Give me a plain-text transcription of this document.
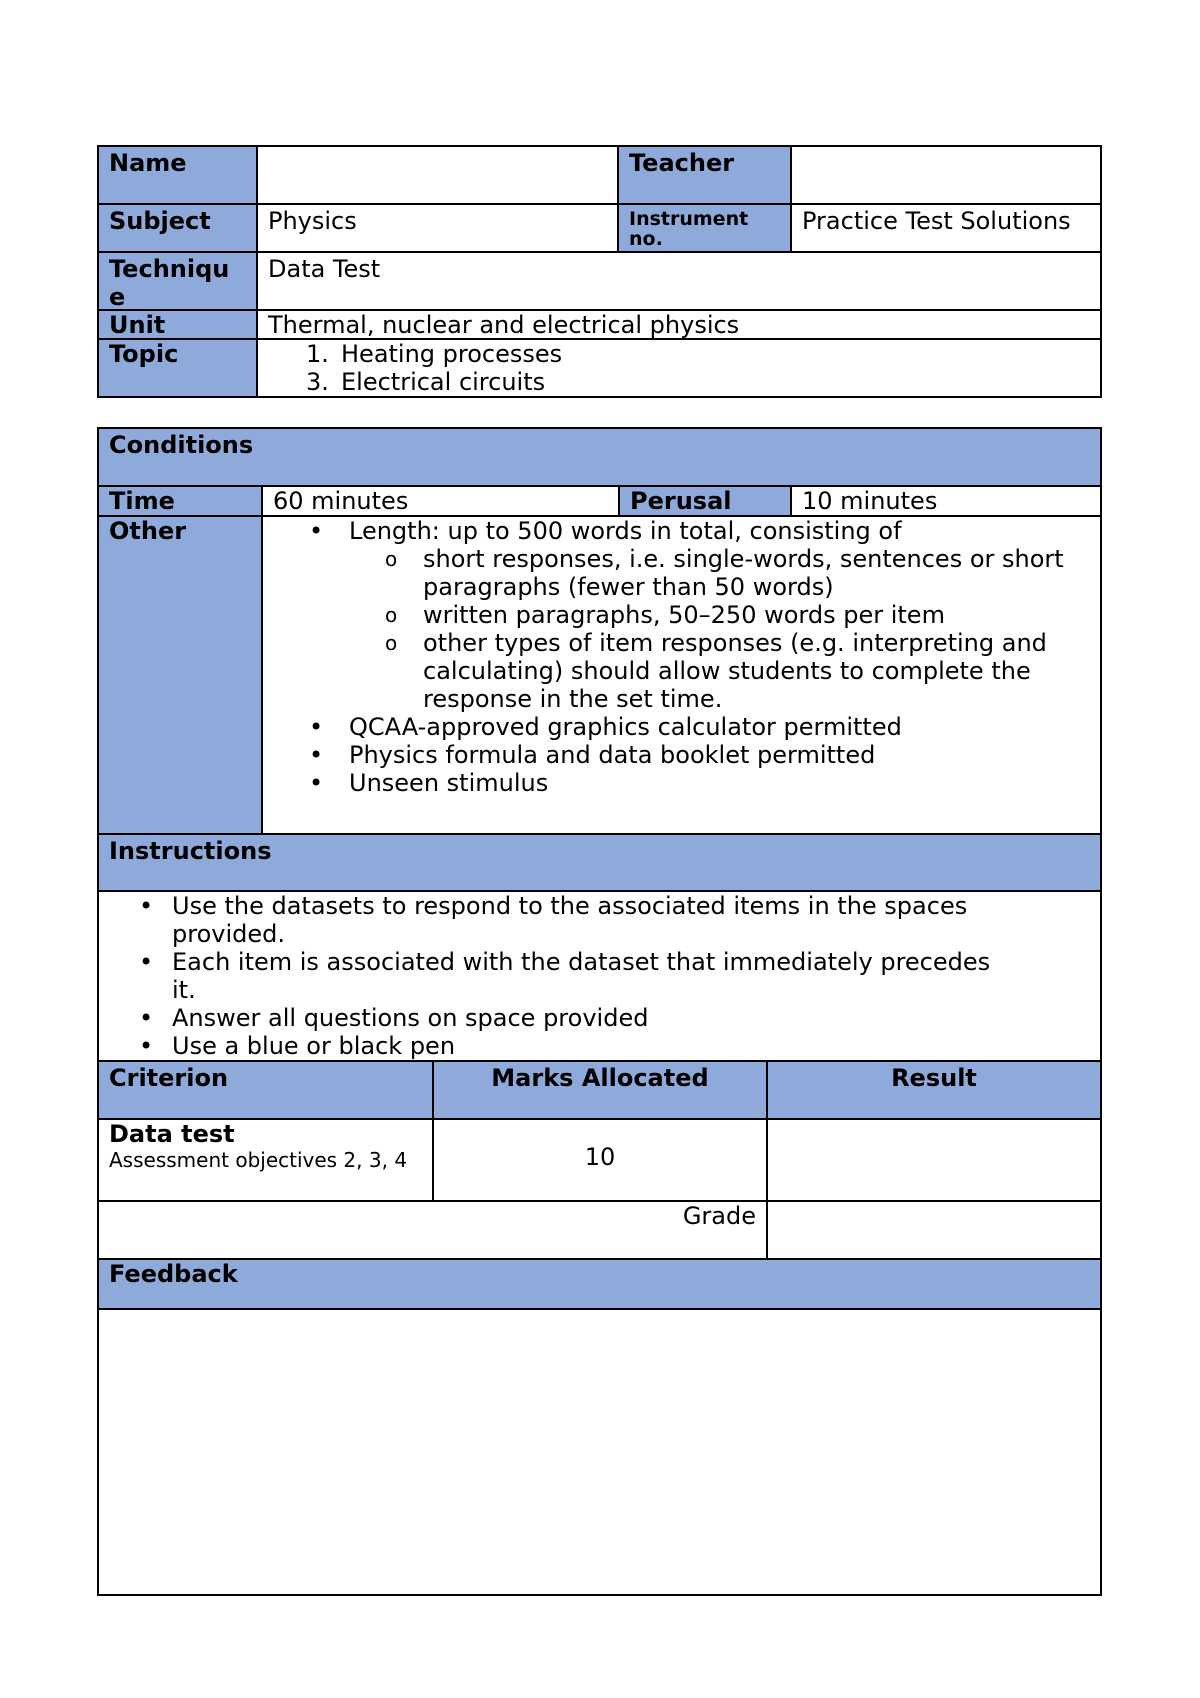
Name	Teacher
Subject	Physics	Instrument no.
Practice Test Solutions
Techniqu e
Data Test
Unit	Thermal, nuclear and electrical physics
Topic	1. Heating processes
3. Electrical circuits
Conditions
Time	60 minutes	Perusal	10 minutes
Other
•	Length: up to 500 words in total, consisting of
o short responses, i.e. single-words, sentences or short paragraphs (fewer than 50 words)
o written paragraphs, 50–250 words per item
o other types of item responses (e.g. interpreting and calculating) should allow students to complete the response in the set time.
• QCAA-approved graphics calculator permitted
• Physics formula and data booklet permitted
• Unseen stimulus
Instructions
• Use the datasets to respond to the associated items in the spaces provided.
• Each item is associated with the dataset that immediately precedes it.
• Answer all questions on space provided
• Use a blue or black pen
Criterion	Marks Allocated	Result
Data test
Assessment objectives 2, 3, 4	10
Grade
Feedback
